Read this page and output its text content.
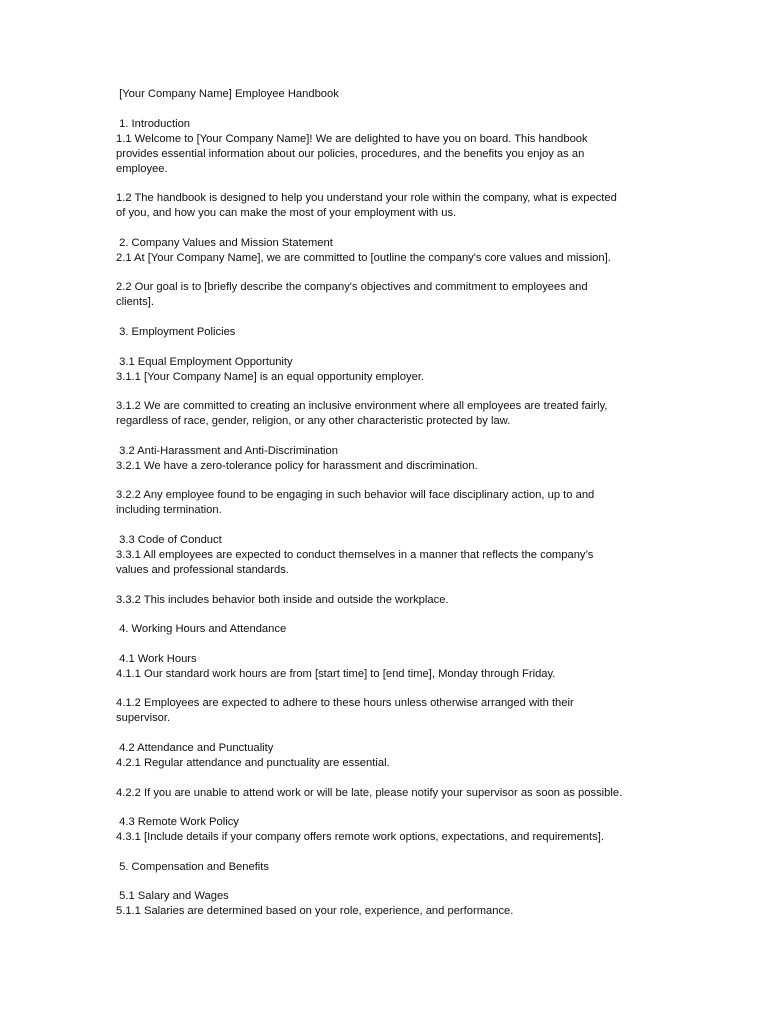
[Your Company Name] Employee Handbook
1. Introduction
1.1 Welcome to [Your Company Name]! We are delighted to have you on board. This handbook
provides essential information about our policies, procedures, and the benefits you enjoy as an
employee.
1.2 The handbook is designed to help you understand your role within the company, what is expected
of you, and how you can make the most of your employment with us.
2. Company Values and Mission Statement
2.1 At [Your Company Name], we are committed to [outline the company's core values and mission].
2.2 Our goal is to [briefly describe the company's objectives and commitment to employees and
clients].
3. Employment Policies
3.1 Equal Employment Opportunity
3.1.1 [Your Company Name] is an equal opportunity employer.
3.1.2 We are committed to creating an inclusive environment where all employees are treated fairly,
regardless of race, gender, religion, or any other characteristic protected by law.
3.2 Anti-Harassment and Anti-Discrimination
3.2.1 We have a zero-tolerance policy for harassment and discrimination.
3.2.2 Any employee found to be engaging in such behavior will face disciplinary action, up to and
including termination.
3.3 Code of Conduct
3.3.1 All employees are expected to conduct themselves in a manner that reflects the company’s
values and professional standards.
3.3.2 This includes behavior both inside and outside the workplace.
4. Working Hours and Attendance
4.1 Work Hours
4.1.1 Our standard work hours are from [start time] to [end time], Monday through Friday.
4.1.2 Employees are expected to adhere to these hours unless otherwise arranged with their
supervisor.
4.2 Attendance and Punctuality
4.2.1 Regular attendance and punctuality are essential.
4.2.2 If you are unable to attend work or will be late, please notify your supervisor as soon as possible.
4.3 Remote Work Policy
4.3.1 [Include details if your company offers remote work options, expectations, and requirements].
5. Compensation and Benefits
5.1 Salary and Wages
5.1.1 Salaries are determined based on your role, experience, and performance.
